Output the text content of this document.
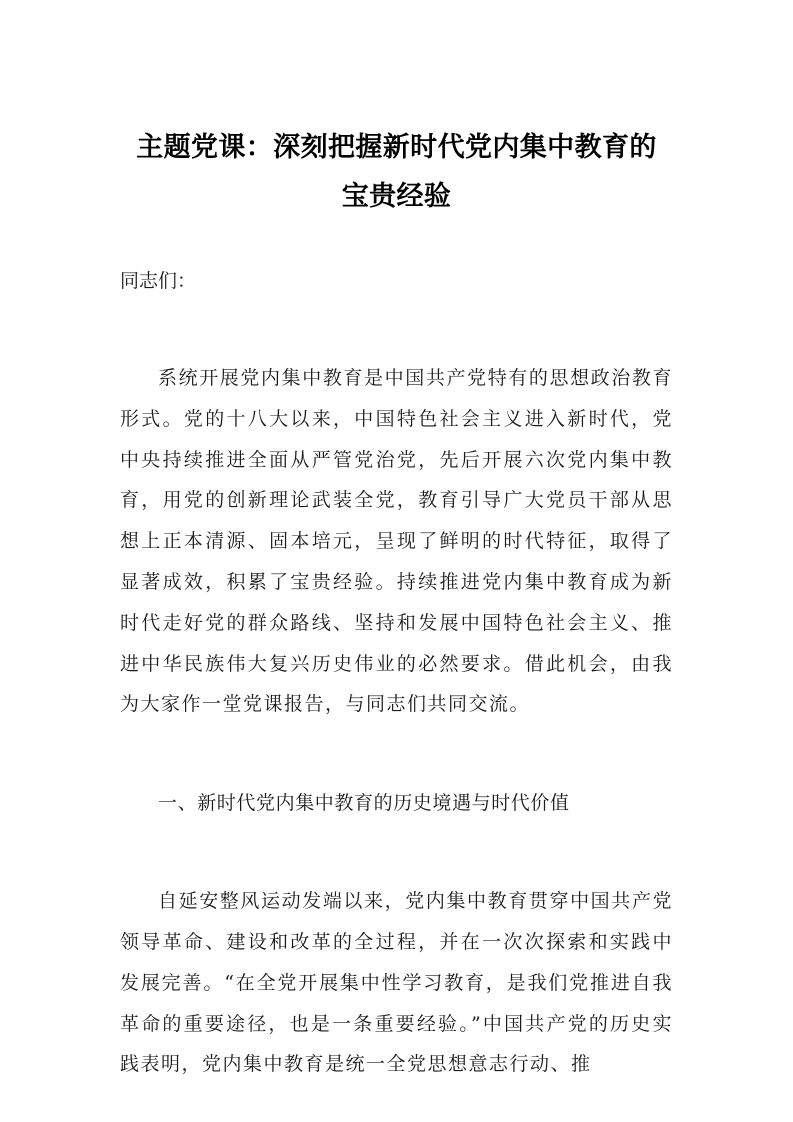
主题党课：深刻把握新时代党内集中教育的
宝贵经验

同志们：

系统开展党内集中教育是中国共产党特有的思想政治教育形式。党的十八大以来，中国特色社会主义进入新时代，党中央持续推进全面从严管党治党，先后开展六次党内集中教育，用党的创新理论武装全党，教育引导广大党员干部从思想上正本清源、固本培元，呈现了鲜明的时代特征，取得了显著成效，积累了宝贵经验。持续推进党内集中教育成为新时代走好党的群众路线、坚持和发展中国特色社会主义、推进中华民族伟大复兴历史伟业的必然要求。借此机会，由我为大家作一堂党课报告，与同志们共同交流。

一、新时代党内集中教育的历史境遇与时代价值

自延安整风运动发端以来，党内集中教育贯穿中国共产党领导革命、建设和改革的全过程，并在一次次探索和实践中发展完善。“在全党开展集中性学习教育，是我们党推进自我革命的重要途径，也是一条重要经验。”中国共产党的历史实践表明，党内集中教育是统一全党思想意志行动、推
